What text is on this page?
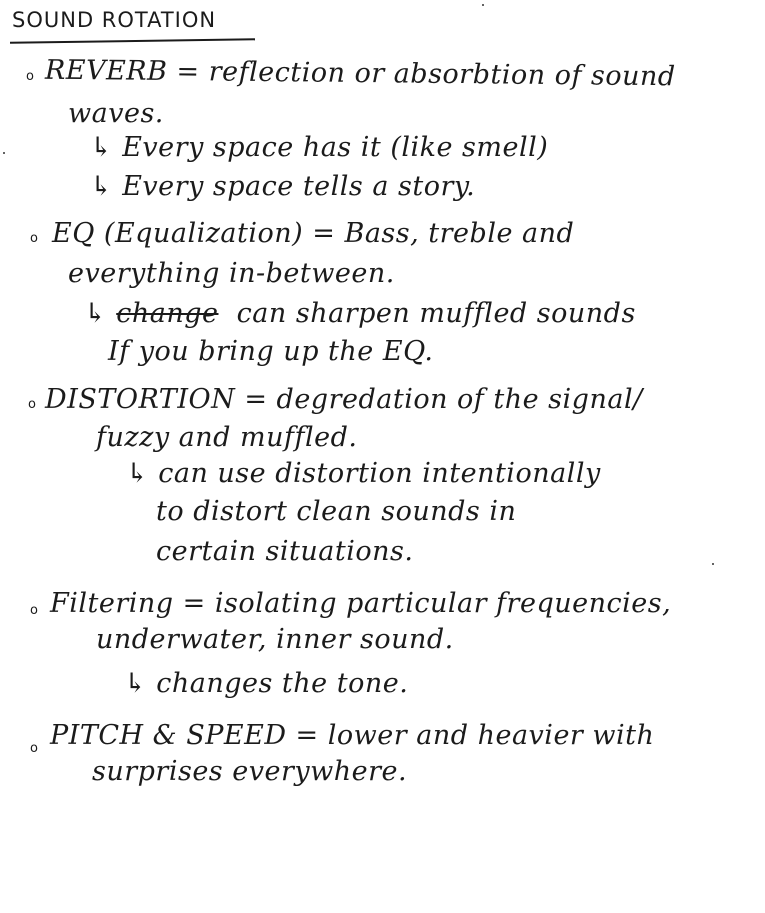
SOUND ROTATION
o REVERB = reflection or absorbtion of sound
waves.
↳ Every space has it (like smell)
↳ Every space tells a story.
o EQ (Equalization) = Bass, treble and
everything in-between.
↳ change can sharpen muffled sounds
If you bring up the EQ.
o DISTORTION = degredation of the signal/
fuzzy and muffled.
↳ can use distortion intentionally
to distort clean sounds in
certain situations.
o Filtering = isolating particular frequencies,
underwater, inner sound.
↳ changes the tone.
o PITCH & SPEED = lower and heavier with
surprises everywhere.
